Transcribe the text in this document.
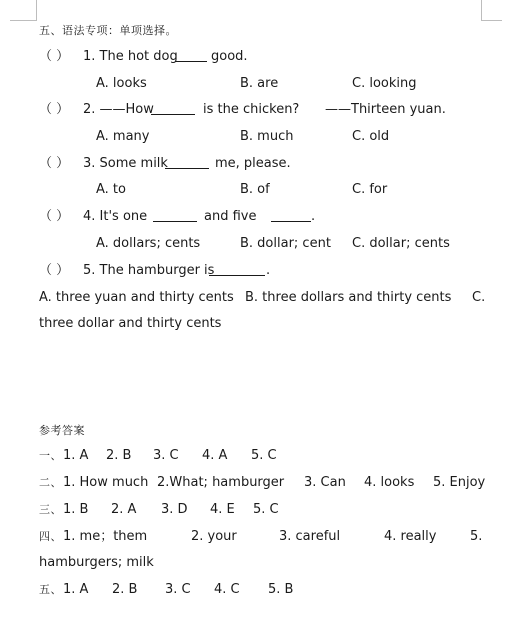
五、语法专项：单项选择。
（ ） 1. The hot dog	good.
A. looks	B. are	C. looking
（ ） 2. ——How	is the chicken? ——Thirteen yuan.
A. many	B. much	C. old
（ ） 3. Some milk	me, please.
A. to	B. of	C. for
（ ） 4. It's one	and five	.
A. dollars; cents	B. dollar; cent C. dollar; cents
（ ） 5. The hamburger is	.
A. three yuan and thirty cents B. three dollars and thirty cents C.
three dollar and thirty cents
参考答案
一、 1. A 2. B 3. C 4. A 5. C
二、 1. How much 2.What; hamburger 3. Can 4. looks 5. Enjoy
三、 1. B 2. A 3. D 4. E 5. C
四、 1. me；them	2. your	3. careful	4. really	5.
hamburgers; milk
五、 1. A 2. B 3. C 4. C 5. B
